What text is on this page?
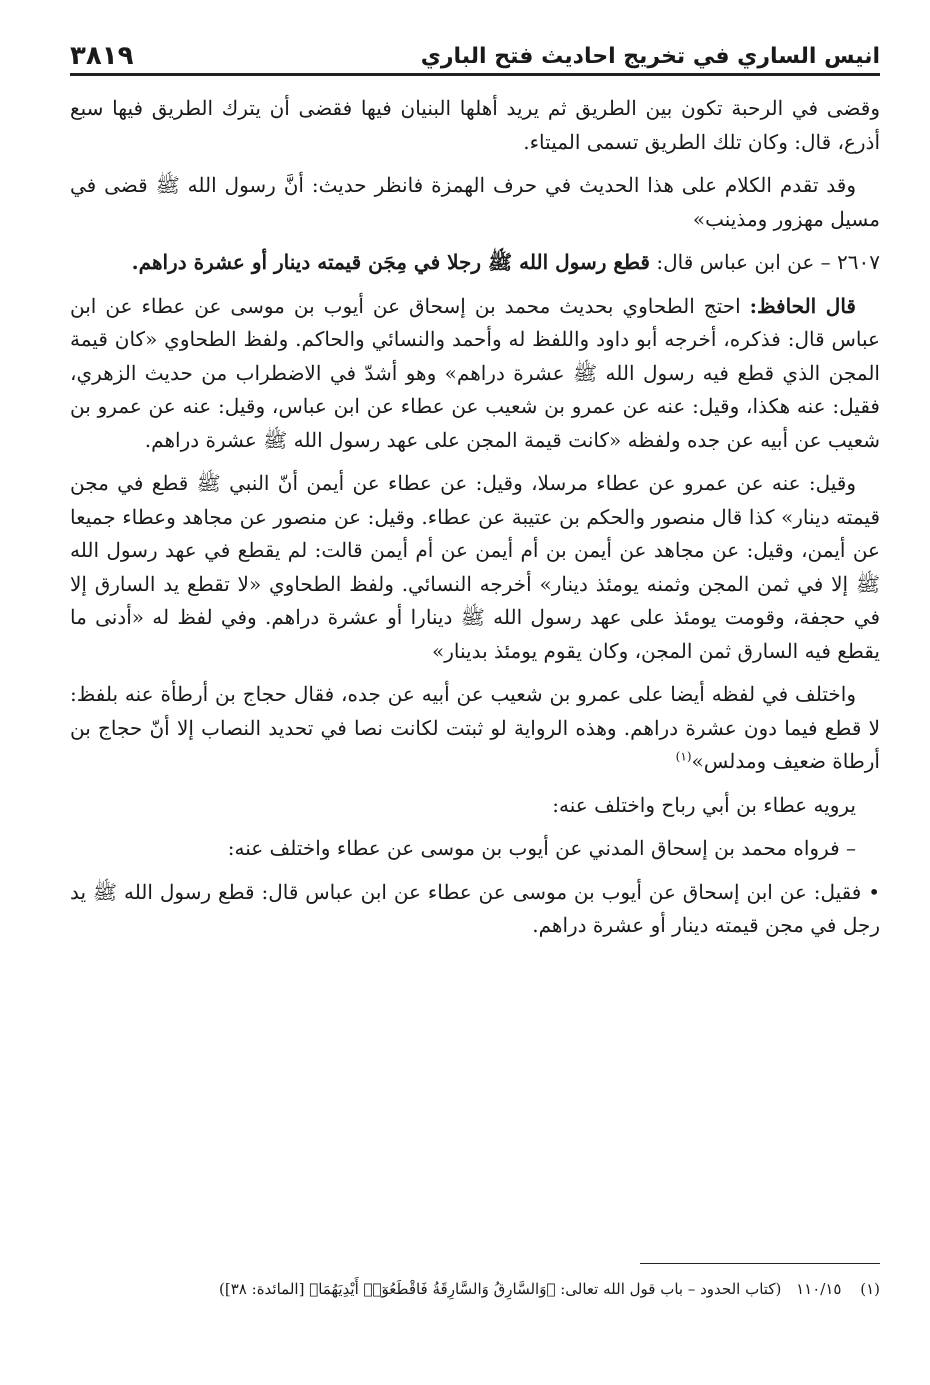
انيس الساري في تخريج احاديث فتح الباري
٣٨١٩

وقضى في الرحبة تكون بين الطريق ثم يريد أهلها البنيان فيها فقضى أن يترك الطريق فيها سبع أذرع، قال: وكان تلك الطريق تسمى الميتاء.

وقد تقدم الكلام على هذا الحديث في حرف الهمزة فانظر حديث: أنَّ رسول الله ﷺ قضى في مسيل مهزور ومذينب»

٢٦٠٧ – عن ابن عباس قال: قطع رسول الله ﷺ رجلا في مِجَن قيمته دينار أو عشرة دراهم.

قال الحافظ: احتج الطحاوي بحديث محمد بن إسحاق عن أيوب بن موسى عن عطاء عن ابن عباس قال: فذكره، أخرجه أبو داود واللفظ له وأحمد والنسائي والحاكم. ولفظ الطحاوي «كان قيمة المجن الذي قطع فيه رسول الله ﷺ عشرة دراهم» وهو أشدّ في الاضطراب من حديث الزهري، فقيل: عنه هكذا، وقيل: عنه عن عمرو بن شعيب عن عطاء عن ابن عباس، وقيل: عنه عن عمرو بن شعيب عن أبيه عن جده ولفظه «كانت قيمة المجن على عهد رسول الله ﷺ عشرة دراهم.

وقيل: عنه عن عمرو عن عطاء مرسلا، وقيل: عن عطاء عن أيمن أنّ النبي ﷺ قطع في مجن قيمته دينار» كذا قال منصور والحكم بن عتيبة عن عطاء. وقيل: عن منصور عن مجاهد وعطاء جميعا عن أيمن، وقيل: عن مجاهد عن أيمن بن أم أيمن عن أم أيمن قالت: لم يقطع في عهد رسول الله ﷺ إلا في ثمن المجن وثمنه يومئذ دينار» أخرجه النسائي. ولفظ الطحاوي «لا تقطع يد السارق إلا في حجفة، وقومت يومئذ على عهد رسول الله ﷺ دينارا أو عشرة دراهم. وفي لفظ له «أدنى ما يقطع فيه السارق ثمن المجن، وكان يقوم يومئذ بدينار»

واختلف في لفظه أيضا على عمرو بن شعيب عن أبيه عن جده، فقال حجاج بن أرطأة عنه بلفظ: لا قطع فيما دون عشرة دراهم. وهذه الرواية لو ثبتت لكانت نصا في تحديد النصاب إلا أنّ حجاج بن أرطاة ضعيف ومدلس»$^{(١)}$

يرويه عطاء بن أبي رباح واختلف عنه:

– فرواه محمد بن إسحاق المدني عن أيوب بن موسى عن عطاء واختلف عنه:

• فقيل: عن ابن إسحاق عن أيوب بن موسى عن عطاء عن ابن عباس قال: قطع رسول الله ﷺ يد رجل في مجن قيمته دينار أو عشرة دراهم.

(١) ١١٠/١٥ (كتاب الحدود – باب قول الله تعالى: ﴿وَالسَّارِقُ وَالسَّارِقَةُ فَاقْطَعُوٓا۟ أَيْدِيَهُمَا﴾ [المائدة: ٣٨])
